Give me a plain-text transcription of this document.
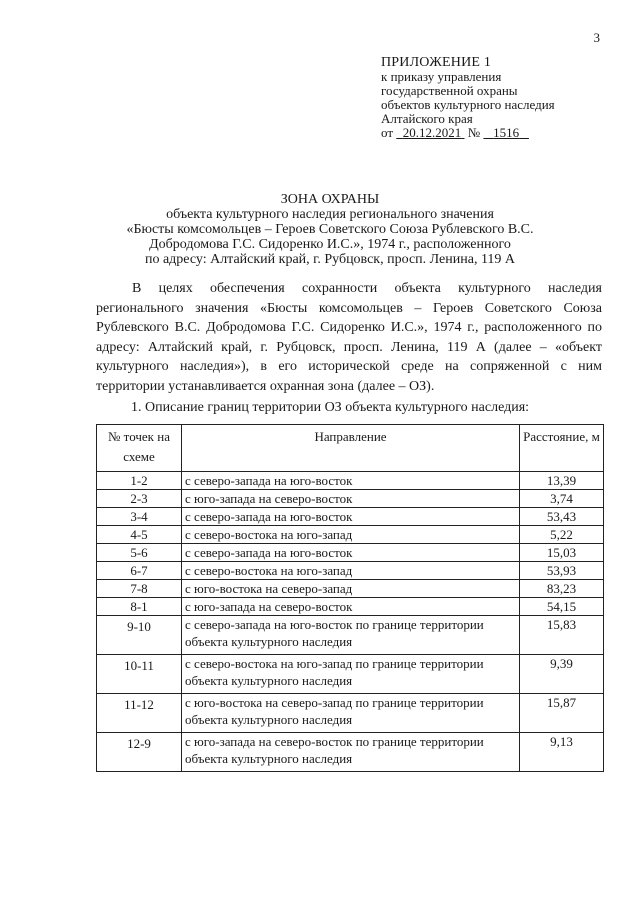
3
ПРИЛОЖЕНИЕ 1
к приказу управления
государственной охраны
объектов культурного наследия
Алтайского края
от 20.12.2021 № 1516
ЗОНА ОХРАНЫ
объекта культурного наследия регионального значения
«Бюсты комсомольцев – Героев Советского Союза Рублевского В.С.
Добродомова Г.С. Сидоренко И.С.», 1974 г., расположенного
по адресу: Алтайский край, г. Рубцовск, просп. Ленина, 119 А
В целях обеспечения сохранности объекта культурного наследия регионального значения «Бюсты комсомольцев – Героев Советского Союза Рублевского В.С. Добродомова Г.С. Сидоренко И.С.», 1974 г., расположенного по адресу: Алтайский край, г. Рубцовск, просп. Ленина, 119 А (далее – «объект культурного наследия»), в его исторической среде на сопряженной с ним территории устанавливается охранная зона (далее – ОЗ).
1. Описание границ территории ОЗ объекта культурного наследия:
№ точек на схеме	Направление	Расстояние, м
1-2	с северо-запада на юго-восток	13,39
2-3	с юго-запада на северо-восток	3,74
3-4	с северо-запада на юго-восток	53,43
4-5	с северо-востока на юго-запад	5,22
5-6	с северо-запада на юго-восток	15,03
6-7	с северо-востока на юго-запад	53,93
7-8	с юго-востока на северо-запад	83,23
8-1	с юго-запада на северо-восток	54,15
9-10	с северо-запада на юго-восток по границе территории объекта культурного наследия	15,83
10-11	с северо-востока на юго-запад по границе территории объекта культурного наследия	9,39
11-12	с юго-востока на северо-запад по границе территории объекта культурного наследия	15,87
12-9	с юго-запада на северо-восток по границе территории объекта культурного наследия	9,13
